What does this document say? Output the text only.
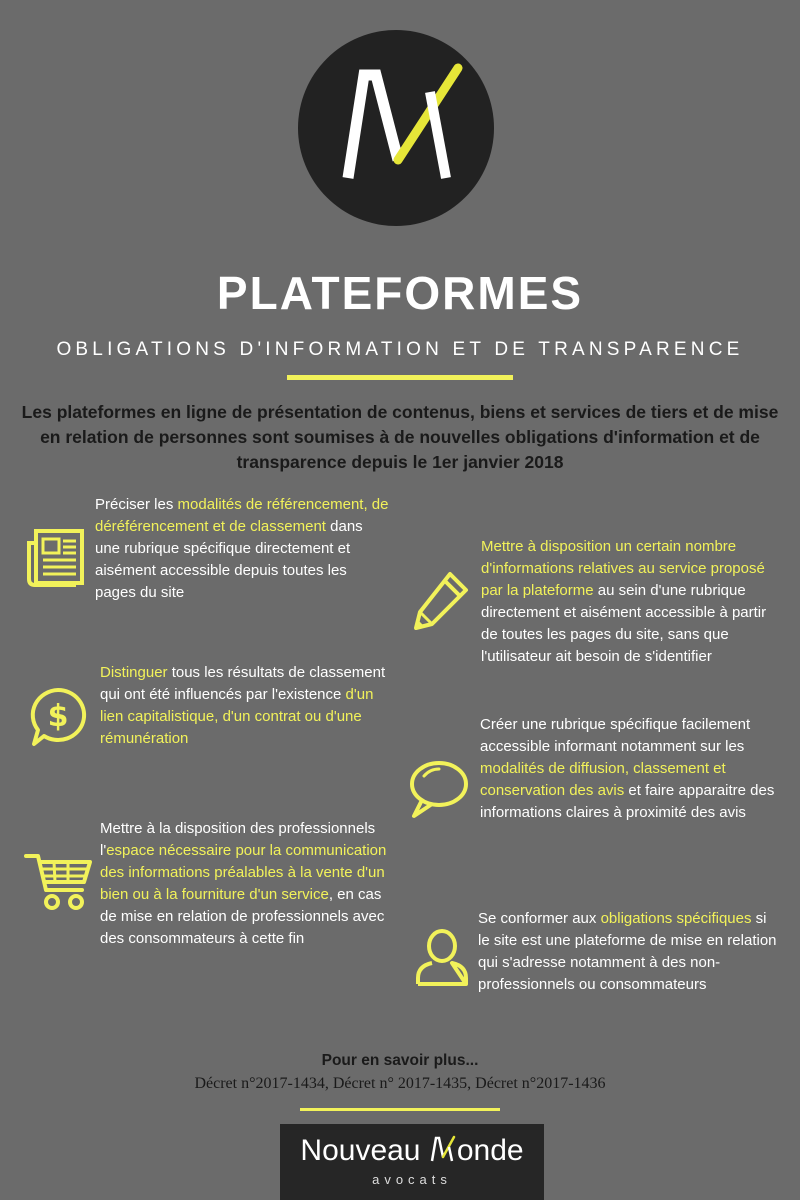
PLATEFORMES
OBLIGATIONS D'INFORMATION ET DE TRANSPARENCE
Les plateformes en ligne de présentation de contenus, biens et services de tiers et de mise en relation de personnes sont soumises à de nouvelles obligations d'information et de transparence depuis le 1er janvier 2018
Préciser les modalités de référencement, de déréférencement et de classement dans une rubrique spécifique directement et aisément accessible depuis toutes les pages du site
Mettre à disposition un certain nombre d'informations relatives au service proposé par la plateforme au sein d'une rubrique directement et aisément accessible à partir de toutes les pages du site, sans que l'utilisateur ait besoin de s'identifier
$
Distinguer tous les résultats de classement qui ont été influencés par l'existence d'un lien capitalistique, d'un contrat ou d'une rémunération
Créer une rubrique spécifique facilement accessible informant notamment sur les modalités de diffusion, classement et conservation des avis et faire apparaitre des informations claires à proximité des avis
Mettre à la disposition des professionnels l'espace nécessaire pour la communication des informations préalables à la vente d'un bien ou à la fourniture d'un service, en cas de mise en relation de professionnels avec des consommateurs à cette fin
Se conformer aux obligations spécifiques si le site est une plateforme de mise en relation qui s'adresse notamment à des non-professionnels ou consommateurs
Pour en savoir plus...
Décret n°2017-1434, Décret n° 2017-1435, Décret n°2017-1436
Nouveau onde
avocats
